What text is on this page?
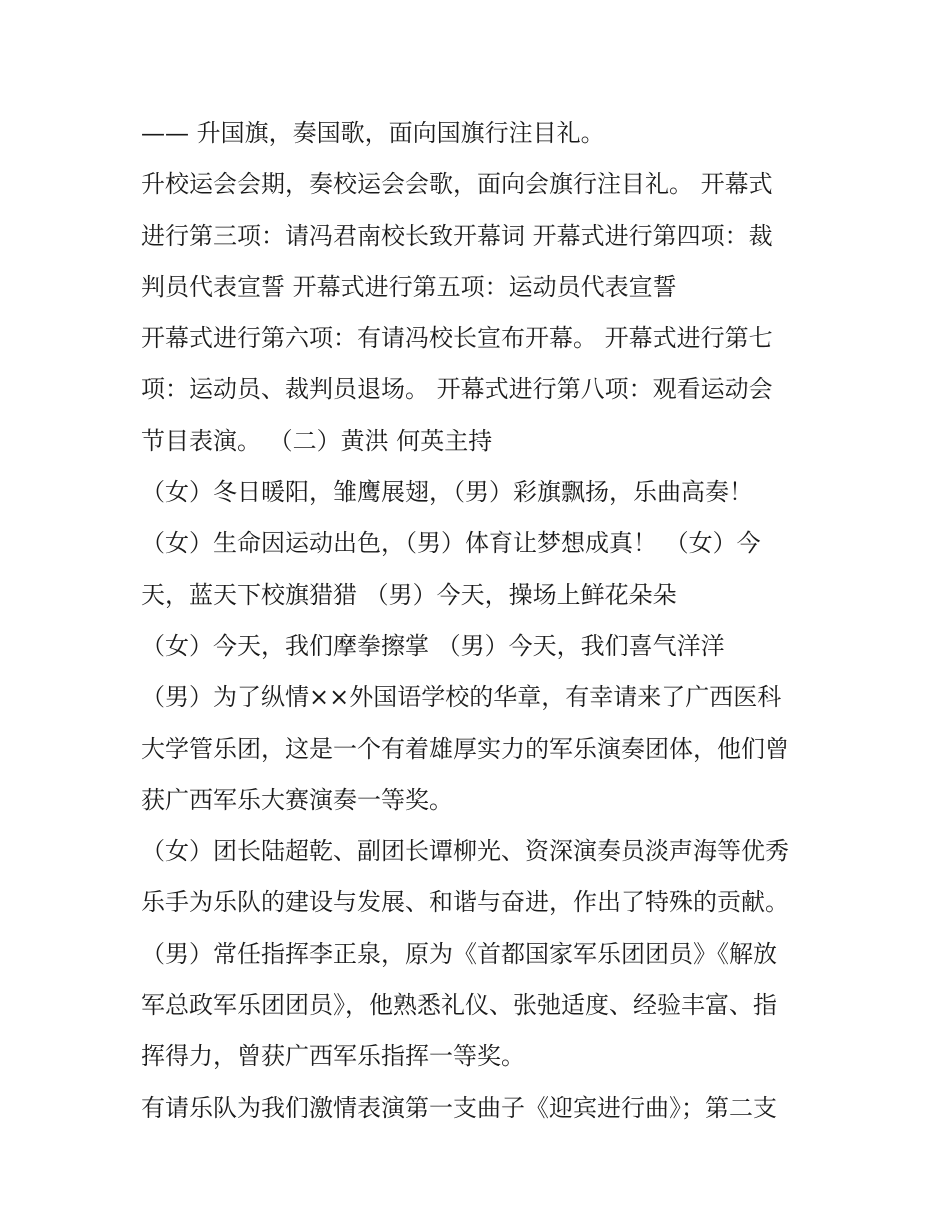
—— 升国旗，奏国歌，面向国旗行注目礼。
升校运会会期，奏校运会会歌，面向会旗行注目礼。 开幕式
进行第三项：请冯君南校长致开幕词 开幕式进行第四项：裁
判员代表宣誓 开幕式进行第五项：运动员代表宣誓
开幕式进行第六项：有请冯校长宣布开幕。 开幕式进行第七
项：运动员、裁判员退场。 开幕式进行第八项：观看运动会
节目表演。 （二）黄洪 何英主持
（女）冬日暖阳，雏鹰展翅，（男）彩旗飘扬，乐曲高奏！
（女）生命因运动出色，（男）体育让梦想成真！ （女）今
天，蓝天下校旗猎猎 （男）今天，操场上鲜花朵朵
（女）今天，我们摩拳擦掌 （男）今天，我们喜气洋洋
（男）为了纵情××外国语学校的华章，有幸请来了广西医科
大学管乐团，这是一个有着雄厚实力的军乐演奏团体，他们曾
获广西军乐大赛演奏一等奖。
（女）团长陆超乾、副团长谭柳光、资深演奏员淡声海等优秀
乐手为乐队的建设与发展、和谐与奋进，作出了特殊的贡献。
（男）常任指挥李正泉，原为《首都国家军乐团团员》《解放
军总政军乐团团员》，他熟悉礼仪、张弛适度、经验丰富、指
挥得力，曾获广西军乐指挥一等奖。
有请乐队为我们激情表演第一支曲子《迎宾进行曲》；第二支
